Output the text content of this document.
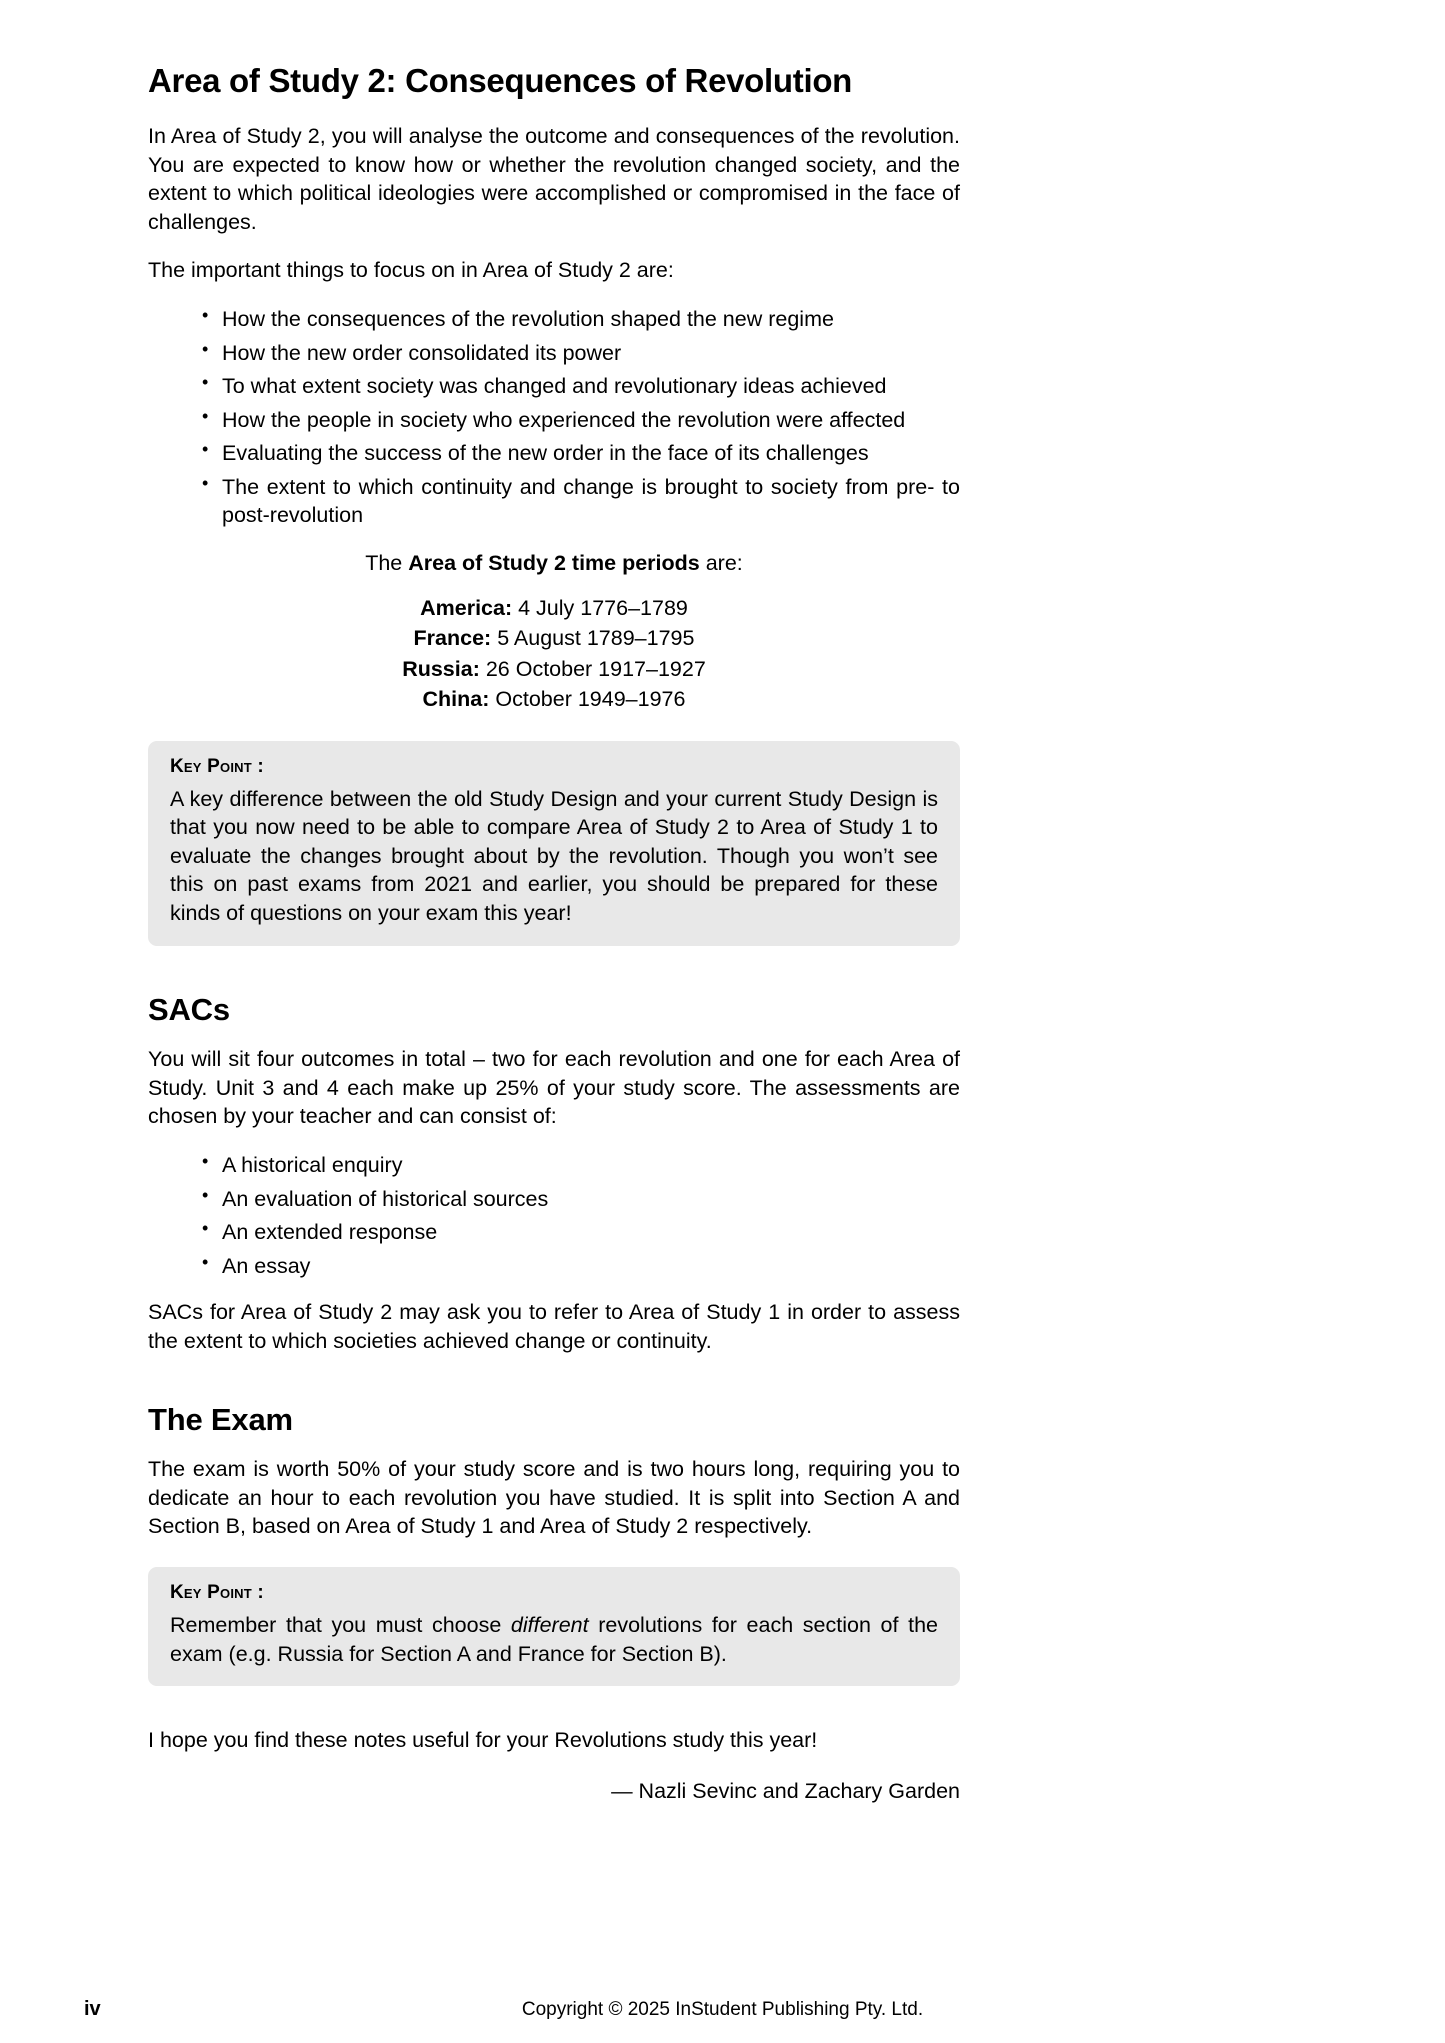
Area of Study 2: Consequences of Revolution

In Area of Study 2, you will analyse the outcome and consequences of the revolution. You are expected to know how or whether the revolution changed society, and the extent to which political ideologies were accomplished or compromised in the face of challenges.

The important things to focus on in Area of Study 2 are:

• How the consequences of the revolution shaped the new regime
• How the new order consolidated its power
• To what extent society was changed and revolutionary ideas achieved
• How the people in society who experienced the revolution were affected
• Evaluating the success of the new order in the face of its challenges
• The extent to which continuity and change is brought to society from pre- to post-revolution
The Area of Study 2 time periods are:
America: 4 July 1776–1789
France: 5 August 1789–1795
Russia: 26 October 1917–1927
China: October 1949–1976
Key Point :
A key difference between the old Study Design and your current Study Design is that you now need to be able to compare Area of Study 2 to Area of Study 1 to evaluate the changes brought about by the revolution. Though you won’t see this on past exams from 2021 and earlier, you should be prepared for these kinds of questions on your exam this year!
SACs

You will sit four outcomes in total – two for each revolution and one for each Area of Study. Unit 3 and 4 each make up 25% of your study score. The assessments are chosen by your teacher and can consist of:

• A historical enquiry
• An evaluation of historical sources
• An extended response
• An essay

SACs for Area of Study 2 may ask you to refer to Area of Study 1 in order to assess the extent to which societies achieved change or continuity.

The Exam

The exam is worth 50% of your study score and is two hours long, requiring you to dedicate an hour to each revolution you have studied. It is split into Section A and Section B, based on Area of Study 1 and Area of Study 2 respectively.

Key Point :
Remember that you must choose different revolutions for each section of the exam (e.g. Russia for Section A and France for Section B).

I hope you find these notes useful for your Revolutions study this year!

— Nazli Sevinc and Zachary Garden

iv	Copyright © 2025 InStudent Publishing Pty. Ltd.
